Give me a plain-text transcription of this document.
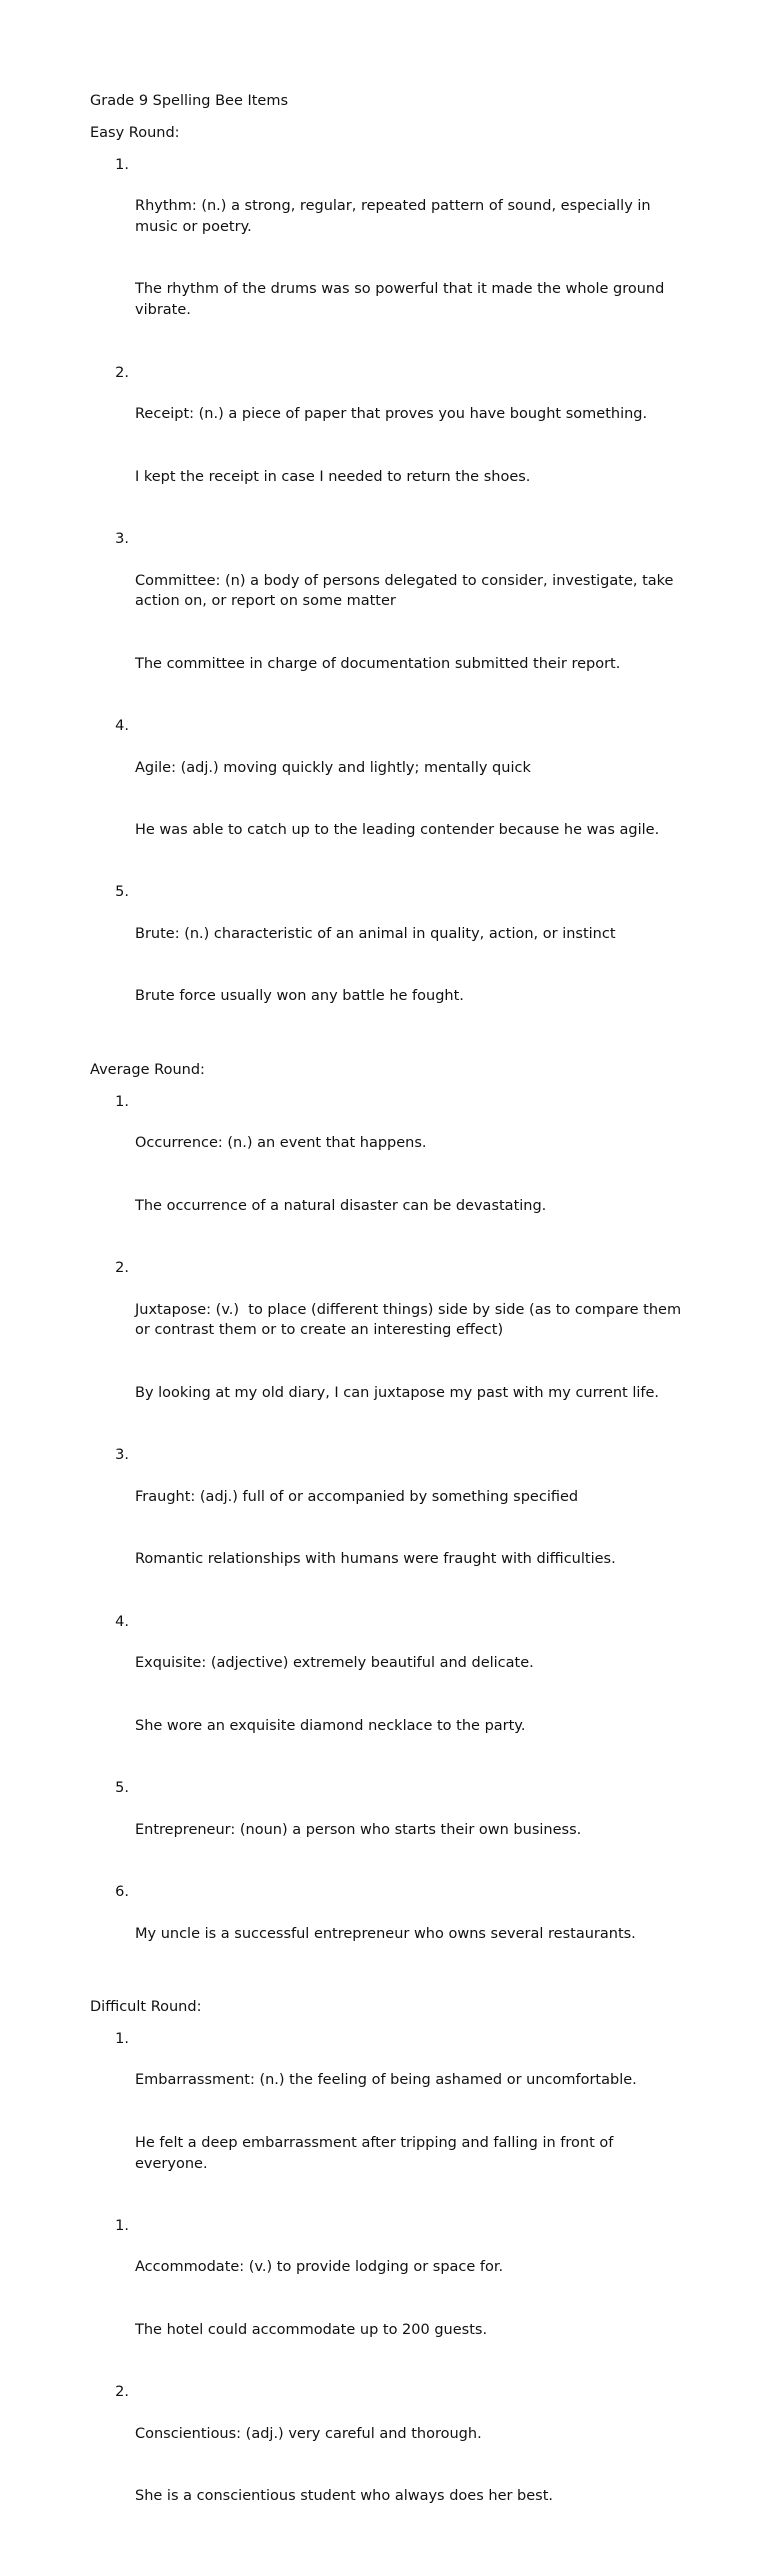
Grade 9 Spelling Bee Items

Easy Round:

1.

Rhythm: (n.) a strong, regular, repeated pattern of sound, especially in music or poetry.

The rhythm of the drums was so powerful that it made the whole ground vibrate.

2.

Receipt: (n.) a piece of paper that proves you have bought something.

I kept the receipt in case I needed to return the shoes.

3.

Committee: (n) a body of persons delegated to consider, investigate, take action on, or report on some matter

The committee in charge of documentation submitted their report.

4.

Agile: (adj.) moving quickly and lightly; mentally quick

He was able to catch up to the leading contender because he was agile.

5.

Brute: (n.) characteristic of an animal in quality, action, or instinct

Brute force usually won any battle he fought.

Average Round:

1.

Occurrence: (n.) an event that happens.

The occurrence of a natural disaster can be devastating.

2.

Juxtapose: (v.)  to place (different things) side by side (as to compare them or contrast them or to create an interesting effect)

By looking at my old diary, I can juxtapose my past with my current life.

3.

Fraught: (adj.) full of or accompanied by something specified

Romantic relationships with humans were fraught with difficulties.

4.

Exquisite: (adjective) extremely beautiful and delicate.

She wore an exquisite diamond necklace to the party.

5.

Entrepreneur: (noun) a person who starts their own business.

6.

My uncle is a successful entrepreneur who owns several restaurants.

Difficult Round:

1.

Embarrassment: (n.) the feeling of being ashamed or uncomfortable.

He felt a deep embarrassment after tripping and falling in front of everyone.

1.

Accommodate: (v.) to provide lodging or space for.

The hotel could accommodate up to 200 guests.

2.

Conscientious: (adj.) very careful and thorough.

She is a conscientious student who always does her best.
